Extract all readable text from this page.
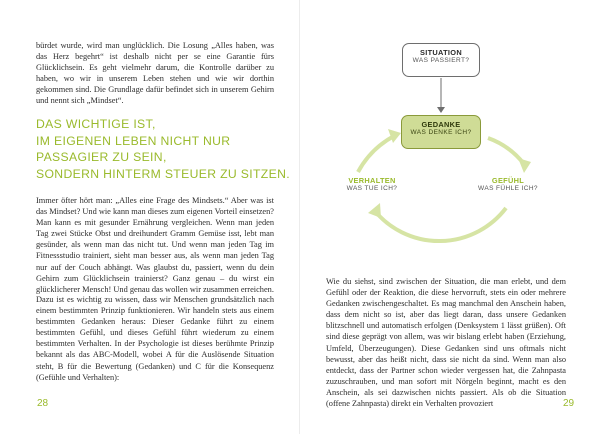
bürdet wurde, wird man unglücklich. Die Losung „Alles haben, was das Herz begehrt“ ist deshalb nicht per se eine Garantie fürs Glücklichsein. Es geht vielmehr darum, die Kontrolle darüber zu haben, wo wir in unserem Leben stehen und wie wir dorthin gekommen sind. Die Grundlage dafür befindet sich in unserem Gehirn und nennt sich „Mindset“.

DAS WICHTIGE IST,
IM EIGENEN LEBEN NICHT NUR
PASSAGIER ZU SEIN,
SONDERN HINTERM STEUER ZU SITZEN.

Immer öfter hört man: „Alles eine Frage des Mindsets.“ Aber was ist das Mindset? Und wie kann man dieses zum eigenen Vorteil einsetzen? Man kann es mit gesunder Ernährung vergleichen. Wenn man jeden Tag zwei Stücke Obst und dreihundert Gramm Gemüse isst, lebt man gesünder, als wenn man das nicht tut. Und wenn man jeden Tag im Fitnessstudio trainiert, sieht man besser aus, als wenn man jeden Tag nur auf der Couch abhängt. Was glaubst du, passiert, wenn du dein Gehirn zum Glücklichsein trainierst? Ganz genau – du wirst ein glücklicherer Mensch! Und genau das wollen wir zusammen erreichen.

Dazu ist es wichtig zu wissen, dass wir Menschen grundsätzlich nach einem bestimmten Prinzip funktionieren. Wir handeln stets aus einem bestimmten Gedanken heraus: Dieser Gedanke führt zu einem bestimmten Gefühl, und dieses Gefühl führt wiederum zu einem bestimmten Verhalten. In der Psychologie ist dieses berühmte Prinzip bekannt als das ABC-Modell, wobei A für die Auslösende Situation steht, B für die Bewertung (Gedanken) und C für die Konsequenz (Gefühle und Verhalten):

28
SITUATION
WAS PASSIERT?
GEDANKE
WAS DENKE ICH?
VERHALTEN
WAS TUE ICH?
GEFÜHL
WAS FÜHLE ICH?

Wie du siehst, sind zwischen der Situation, die man erlebt, und dem Gefühl oder der Reaktion, die diese hervorruft, stets ein oder mehrere Gedanken zwischengeschaltet. Es mag manchmal den Anschein haben, dass dem nicht so ist, aber das liegt daran, dass unsere Gedanken blitzschnell und automatisch erfolgen (Denksystem 1 lässt grüßen). Oft sind diese geprägt von allem, was wir bislang erlebt haben (Erziehung, Umfeld, Überzeugungen). Diese Gedanken sind uns oftmals nicht bewusst, aber das heißt nicht, dass sie nicht da sind. Wenn man also entdeckt, dass der Partner schon wieder vergessen hat, die Zahnpasta zuzuschrauben, und man sofort mit Nörgeln beginnt, macht es den Anschein, als sei dazwischen nichts passiert. Als ob die Situation (offene Zahnpasta) direkt ein Verhalten provoziert	29
